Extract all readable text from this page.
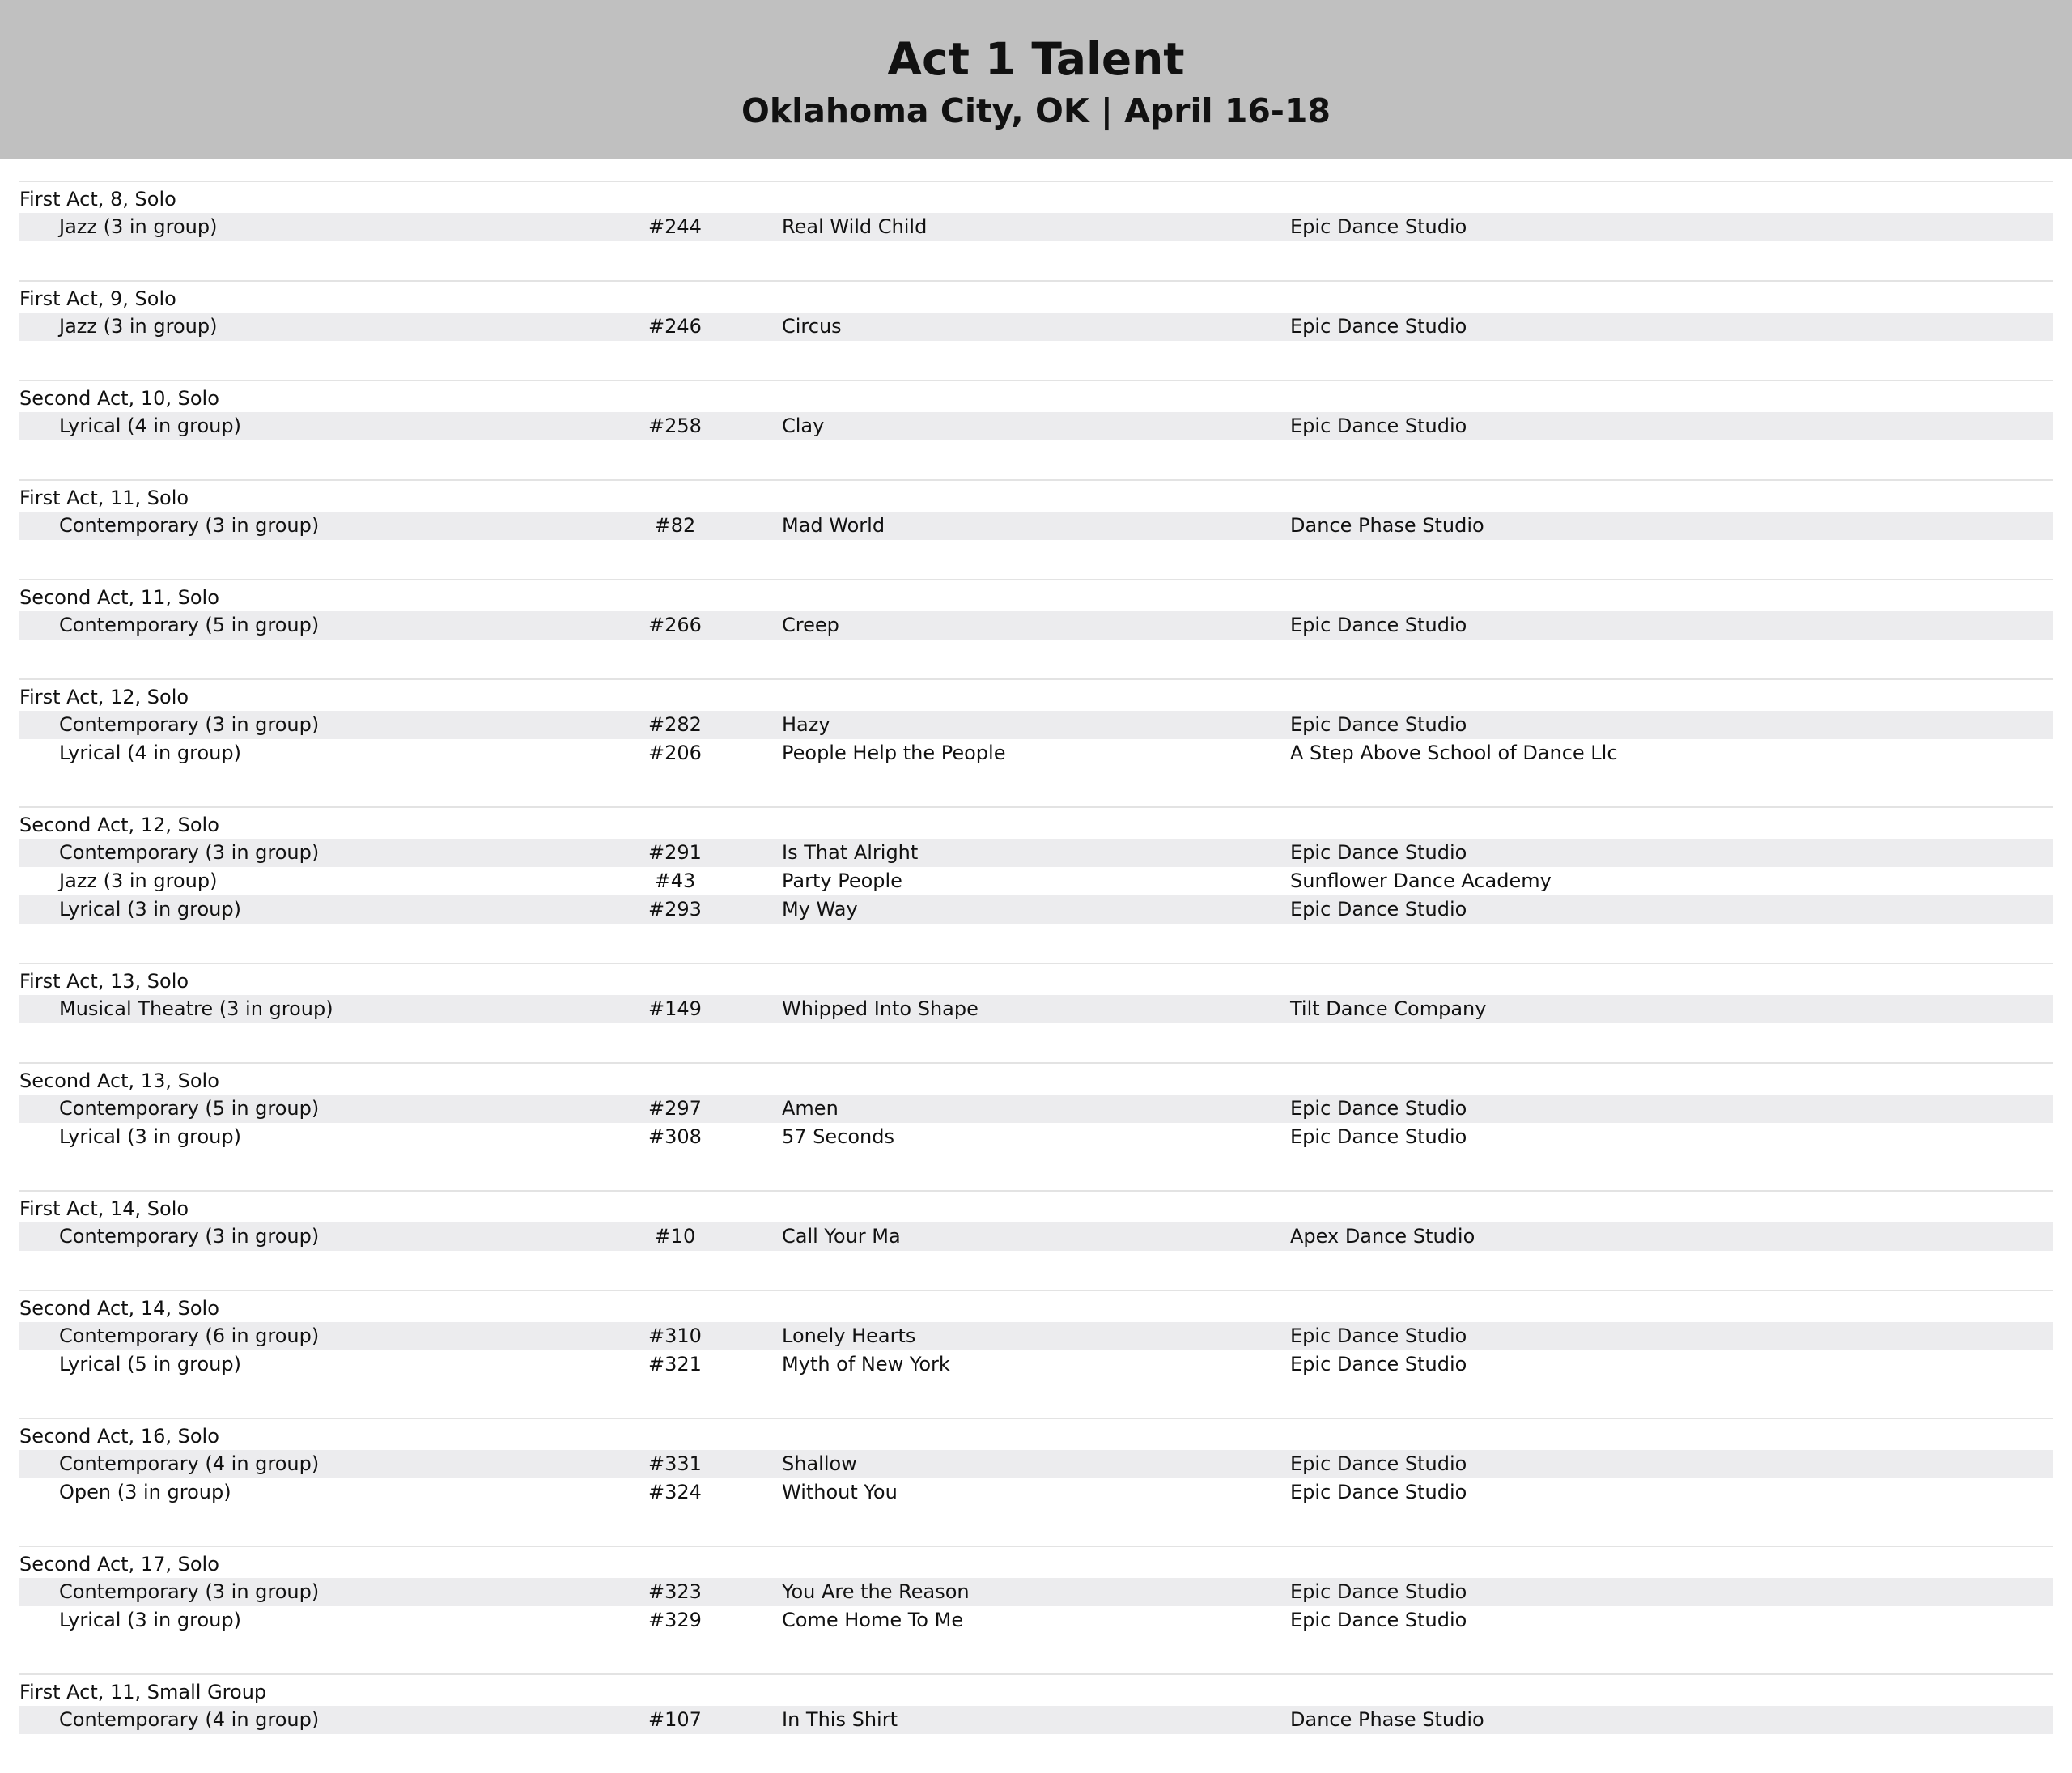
Act 1 Talent
Oklahoma City, OK | April 16-18
First Act, 8, Solo
Jazz (3 in group)	#244	Real Wild Child	Epic Dance Studio
First Act, 9, Solo
Jazz (3 in group)	#246	Circus	Epic Dance Studio
Second Act, 10, Solo
Lyrical (4 in group)	#258	Clay	Epic Dance Studio
First Act, 11, Solo
Contemporary (3 in group)	#82	Mad World	Dance Phase Studio
Second Act, 11, Solo
Contemporary (5 in group)	#266	Creep	Epic Dance Studio
First Act, 12, Solo
Contemporary (3 in group)	#282	Hazy	Epic Dance Studio
Lyrical (4 in group)	#206	People Help the People	A Step Above School of Dance Llc
Second Act, 12, Solo
Contemporary (3 in group)	#291	Is That Alright	Epic Dance Studio
Jazz (3 in group)	#43	Party People	Sunflower Dance Academy
Lyrical (3 in group)	#293	My Way	Epic Dance Studio
First Act, 13, Solo
Musical Theatre (3 in group)	#149	Whipped Into Shape	Tilt Dance Company
Second Act, 13, Solo
Contemporary (5 in group)	#297	Amen	Epic Dance Studio
Lyrical (3 in group)	#308	57 Seconds	Epic Dance Studio
First Act, 14, Solo
Contemporary (3 in group)	#10	Call Your Ma	Apex Dance Studio
Second Act, 14, Solo
Contemporary (6 in group)	#310	Lonely Hearts	Epic Dance Studio
Lyrical (5 in group)	#321	Myth of New York	Epic Dance Studio
Second Act, 16, Solo
Contemporary (4 in group)	#331	Shallow	Epic Dance Studio
Open (3 in group)	#324	Without You	Epic Dance Studio
Second Act, 17, Solo
Contemporary (3 in group)	#323	You Are the Reason	Epic Dance Studio
Lyrical (3 in group)	#329	Come Home To Me	Epic Dance Studio
First Act, 11, Small Group
Contemporary (4 in group)	#107	In This Shirt	Dance Phase Studio
